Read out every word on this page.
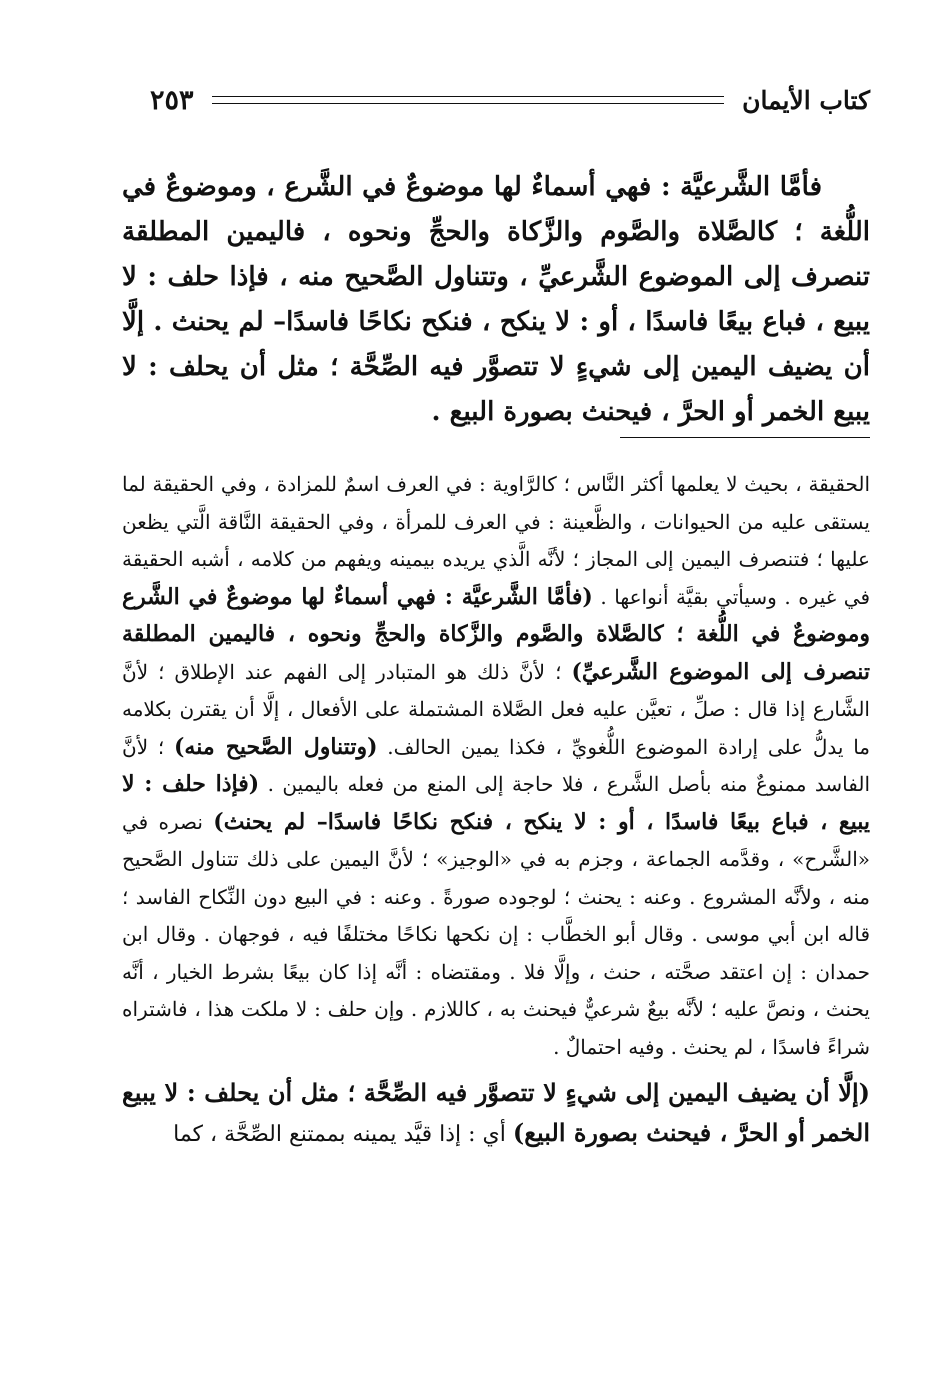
كتاب الأيمان
٢٥٣

فأمَّا الشَّرعيَّة : فهي أسماءٌ لها موضوعٌ في الشَّرع ، وموضوعٌ في اللُّغة ؛ كالصَّلاة والصَّوم والزَّكاة والحجِّ ونحوه ، فاليمين المطلقة تنصرف إلى الموضوع الشَّرعيِّ ، وتتناول الصَّحيح منه ، فإذا حلف : لا يبيع ، فباع بيعًا فاسدًا ، أو : لا ينكح ، فنكح نكاحًا فاسدًا– لم يحنث . إلَّا أن يضيف اليمين إلى شيءٍ لا تتصوَّر فيه الصِّحَّة ؛ مثل أن يحلف : لا يبيع الخمر أو الحرَّ ، فيحنث بصورة البيع .

الحقيقة ، بحيث لا يعلمها أكثر النَّاس ؛ كالرَّاوية : في العرف اسمٌ للمزادة ، وفي الحقيقة لما يستقى عليه من الحيوانات ، والظَّعينة : في العرف للمرأة ، وفي الحقيقة النَّاقة الَّتي يظعن عليها ؛ فتنصرف اليمين إلى المجاز ؛ لأنَّه الَّذي يريده بيمينه ويفهم من كلامه ، أشبه الحقيقة في غيره . وسيأتي بقيَّة أنواعها . (فأمَّا الشَّرعيَّة : فهي أسماءٌ لها موضوعٌ في الشَّرع وموضوعٌ في اللُّغة ؛ كالصَّلاة والصَّوم والزَّكاة والحجِّ ونحوه ، فاليمين المطلقة تنصرف إلى الموضوع الشَّرعيِّ) ؛ لأنَّ ذلك هو المتبادر إلى الفهم عند الإطلاق ؛ لأنَّ الشَّارع إذا قال : صلِّ ، تعيَّن عليه فعل الصَّلاة المشتملة على الأفعال ، إلَّا أن يقترن بكلامه ما يدلُّ على إرادة الموضوع اللُّغويِّ ، فكذا يمين الحالف. (وتتناول الصَّحيح منه) ؛ لأنَّ الفاسد ممنوعٌ منه بأصل الشَّرع ، فلا حاجة إلى المنع من فعله باليمين . (فإذا حلف : لا يبيع ، فباع بيعًا فاسدًا ، أو : لا ينكح ، فنكح نكاحًا فاسدًا– لم يحنث) نصره في «الشَّرح» ، وقدَّمه الجماعة ، وجزم به في «الوجيز» ؛ لأنَّ اليمين على ذلك تتناول الصَّحيح منه ، ولأنَّه المشروع . وعنه : يحنث ؛ لوجوده صورةً . وعنه : في البيع دون النِّكاح الفاسد ؛ قاله ابن أبي موسى . وقال أبو الخطَّاب : إن نكحها نكاحًا مختلفًا فيه ، فوجهان . وقال ابن حمدان : إن اعتقد صحَّته ، حنث ، وإلَّا فلا . ومقتضاه : أنَّه إذا كان بيعًا بشرط الخيار ، أنَّه يحنث ، ونصَّ عليه ؛ لأنَّه بيعٌ شرعيٌّ فيحنث به ، كاللازم . وإن حلف : لا ملكت هذا ، فاشتراه شراءً فاسدًا ، لم يحنث . وفيه احتمالٌ .

(إلَّا أن يضيف اليمين إلى شيءٍ لا تتصوَّر فيه الصِّحَّة ؛ مثل أن يحلف : لا يبيع الخمر أو الحرَّ ، فيحنث بصورة البيع) أي : إذا قيَّد يمينه بممتنع الصِّحَّة ، كما
